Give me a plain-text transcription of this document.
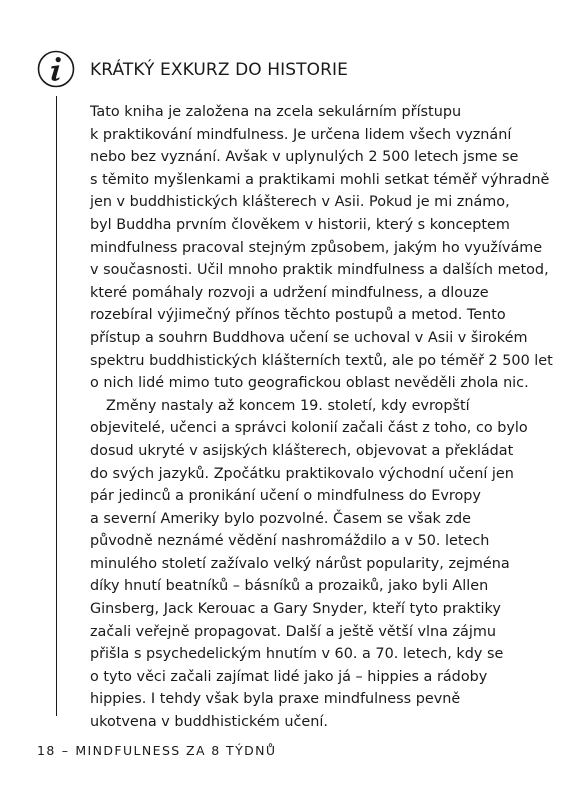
KRÁTKÝ EXKURZ DO HISTORIE
Tato kniha je založena na zcela sekulárním přístupu
k praktikování mindfulness. Je určena lidem všech vyznání
nebo bez vyznání. Avšak v uplynulých 2 500 letech jsme se
s těmito myšlenkami a praktikami mohli setkat téměř výhradně
jen v buddhistických klášterech v Asii. Pokud je mi známo,
byl Buddha prvním člověkem v historii, který s konceptem
mindfulness pracoval stejným způsobem, jakým ho využíváme
v současnosti. Učil mnoho praktik mindfulness a dalších metod,
které pomáhaly rozvoji a udržení mindfulness, a dlouze
rozebíral výjimečný přínos těchto postupů a metod. Tento
přístup a souhrn Buddhova učení se uchoval v Asii v širokém
spektru buddhistických klášterních textů, ale po téměř 2 500 let
o nich lidé mimo tuto geografickou oblast nevěděli zhola nic.
Změny nastaly až koncem 19. století, kdy evropští
objevitelé, učenci a správci kolonií začali část z toho, co bylo
dosud ukryté v asijských klášterech, objevovat a překládat
do svých jazyků. Zpočátku praktikovalo východní učení jen
pár jedinců a pronikání učení o mindfulness do Evropy
a severní Ameriky bylo pozvolné. Časem se však zde
původně neznámé vědění nashromáždilo a v 50. letech
minulého století zažívalo velký nárůst popularity, zejména
díky hnutí beatníků – básníků a prozaiků, jako byli Allen
Ginsberg, Jack Kerouac a Gary Snyder, kteří tyto praktiky
začali veřejně propagovat. Další a ještě větší vlna zájmu
přišla s psychedelickým hnutím v 60. a 70. letech, kdy se
o tyto věci začali zajímat lidé jako já – hippies a rádoby
hippies. I tehdy však byla praxe mindfulness pevně
ukotvena v buddhistickém učení.
18 – MINDFULNESS ZA 8 TÝDNŮ
